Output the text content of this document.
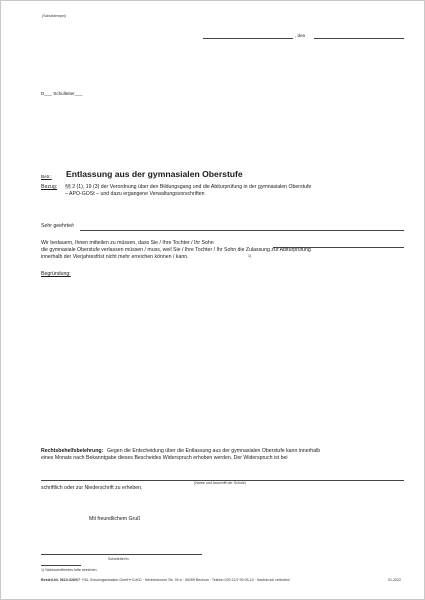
(Schulstempel)
, den
D___ Schulleiter___
Betr.: Entlassung aus der gymnasialen Oberstufe
Bezug: §§ 2 (1), 19 (3) der Verordnung über den Bildungsgang und die Abiturprüfung in der gymnasialen Oberstufe
– APO-GOSt – und dazu ergangene Verwaltungsvorschriften
Sehr geehrte/r
Wir bedauern, Ihnen mitteilen zu müssen, dass Sie / Ihre Tochter / Ihr Sohn
die gymnasiale Oberstufe verlassen müssen / muss, weil Sie / Ihre Tochter / Ihr Sohn die Zulassung zur Abiturprüfung
innerhalb der Vierjahresfrist nicht mehr erreichen können / kann.	1)
Begründung:
Rechtsbehelfsbelehrung: Gegen die Entscheidung über die Entlassung aus der gymnasialen Oberstufe kann innerhalb
eines Monats nach Bekanntgabe dieses Bescheides Widerspruch erhoben werden. Der Widerspruch ist bei
(Name und Anschrift der Schule)
schriftlich oder zur Niederschrift zu erheben.
Mit freundlichem Gruß
Schulleiter/in
1) Nichtzutreffendes bitte streichen.
Bestell-Nr. 0610-0260/7 · P&L Schulorganisation GmbH+CoKG · Neubeckumer Str. 39 a · 59269 Beckum · Telefon 025 21/2 99 05-10 · Nachdruck verboten!	01.2022
